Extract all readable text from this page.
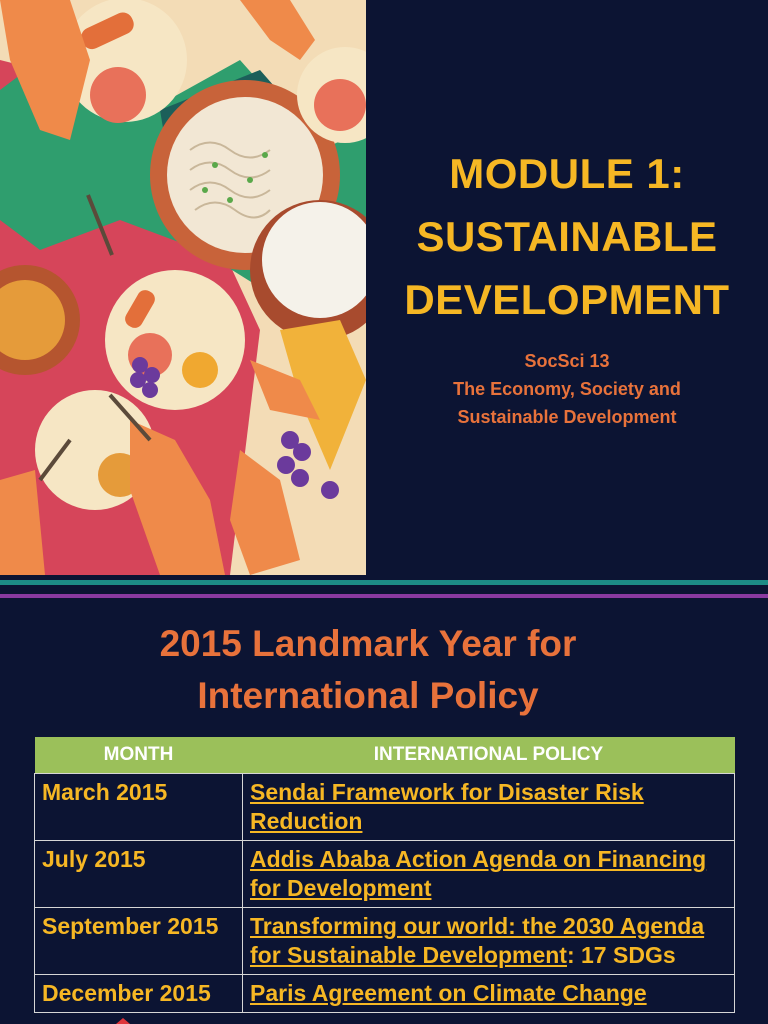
MODULE 1:
SUSTAINABLE
DEVELOPMENT
SocSci 13
The Economy, Society and
Sustainable Development
2015 Landmark Year for
International Policy
MONTH	INTERNATIONAL POLICY
March 2015	Sendai Framework for Disaster Risk Reduction
July 2015	Addis Ababa Action Agenda on Financing for Development
September 2015	Transforming our world: the 2030 Agenda for Sustainable Development: 17 SDGs
December 2015	Paris Agreement on Climate Change
